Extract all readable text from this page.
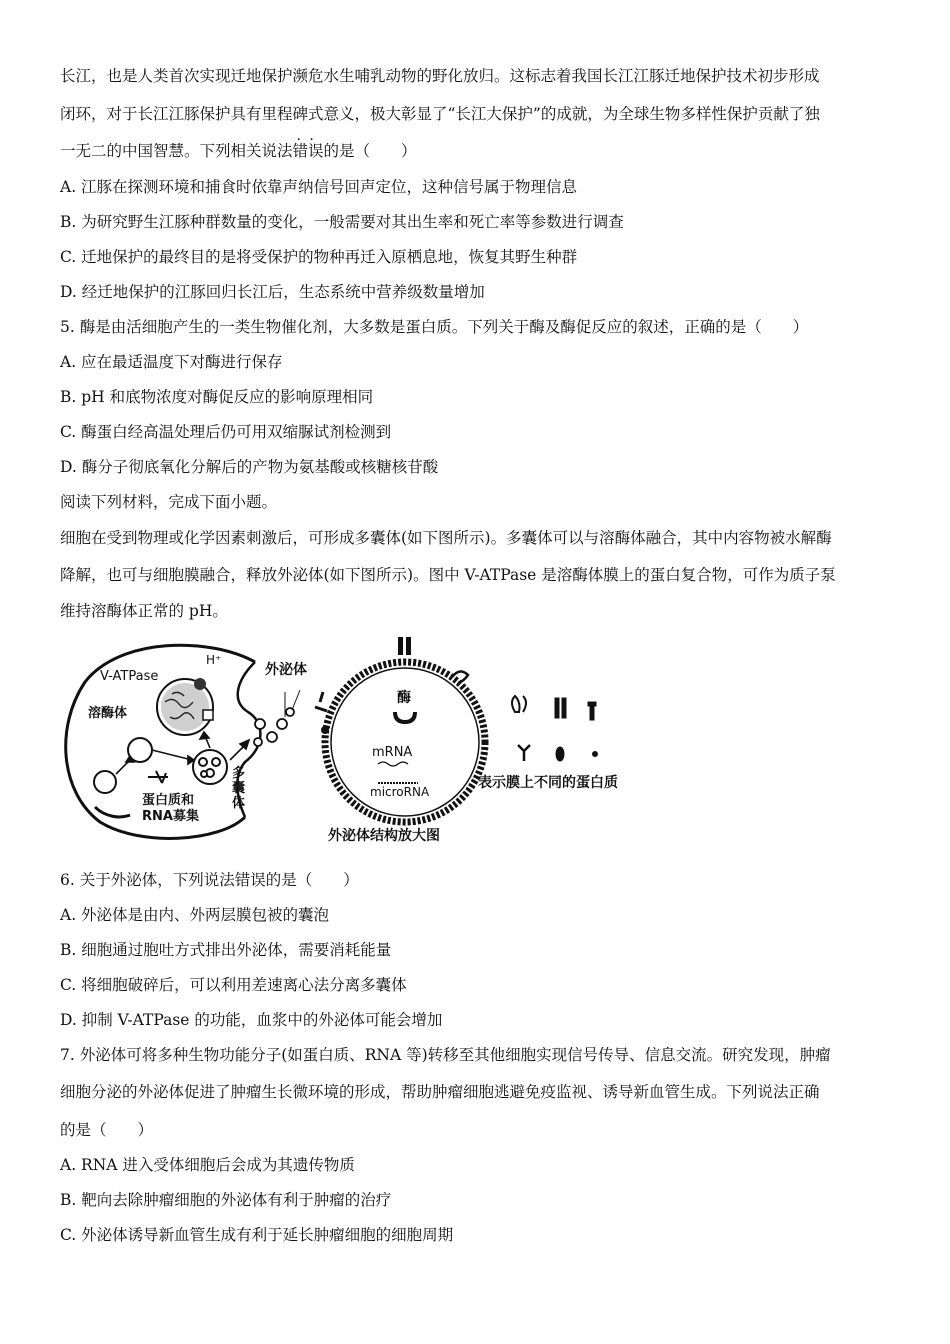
长江，也是人类首次实现迁地保护濒危水生哺乳动物的野化放归。这标志着我国长江江豚迁地保护技术初步形成
闭环，对于长江江豚保护具有里程碑式意义，极大彰显了“长江大保护”的成就，为全球生物多样性保护贡献了独
一无二的中国智慧。下列相关说法· · 错误的是（　　）
A. 江豚在探测环境和捕食时依靠声纳信号回声定位，这种信号属于物理信息
B. 为研究野生江豚种群数量的变化，一般需要对其出生率和死亡率等参数进行调查
C. 迁地保护的最终目的是将受保护的物种再迁入原栖息地，恢复其野生种群
D. 经迁地保护的江豚回归长江后，生态系统中营养级数量增加
5. 酶是由活细胞产生的一类生物催化剂，大多数是蛋白质。下列关于酶及酶促反应的叙述，正确的是（　　）
A. 应在最适温度下对酶进行保存
B. pH 和底物浓度对酶促反应的影响原理相同
C. 酶蛋白经高温处理后仍可用双缩脲试剂检测到
D. 酶分子彻底氧化分解后的产物为氨基酸或核糖核苷酸
阅读下列材料，完成下面小题。
细胞在受到物理或化学因素刺激后，可形成多囊体(如下图所示)。多囊体可以与溶酶体融合，其中内容物被水解酶
降解，也可与细胞膜融合，释放外泌体(如下图所示)。图中 V-ATPase 是溶酶体膜上的蛋白复合物，可作为质子泵
维持溶酶体正常的 pH。
V-ATPase
H⁺
溶酶体
外泌体
蛋白质和
RNA募集
多
囊
体
酶
mRNA
microRNA
外泌体结构放大图
表示膜上不同的蛋白质
6. 关于外泌体，下列说法错误的是（　　）
A. 外泌体是由内、外两层膜包被的囊泡
B. 细胞通过胞吐方式排出外泌体，需要消耗能量
C. 将细胞破碎后，可以利用差速离心法分离多囊体
D. 抑制 V-ATPase 的功能，血浆中的外泌体可能会增加
7. 外泌体可将多种生物功能分子(如蛋白质、RNA 等)转移至其他细胞实现信号传导、信息交流。研究发现，肿瘤
细胞分泌的外泌体促进了肿瘤生长微环境的形成，帮助肿瘤细胞逃避免疫监视、诱导新血管生成。下列说法正确
的是（　　）
A. RNA 进入受体细胞后会成为其遗传物质
B. 靶向去除肿瘤细胞的外泌体有利于肿瘤的治疗
C. 外泌体诱导新血管生成有利于延长肿瘤细胞的细胞周期
